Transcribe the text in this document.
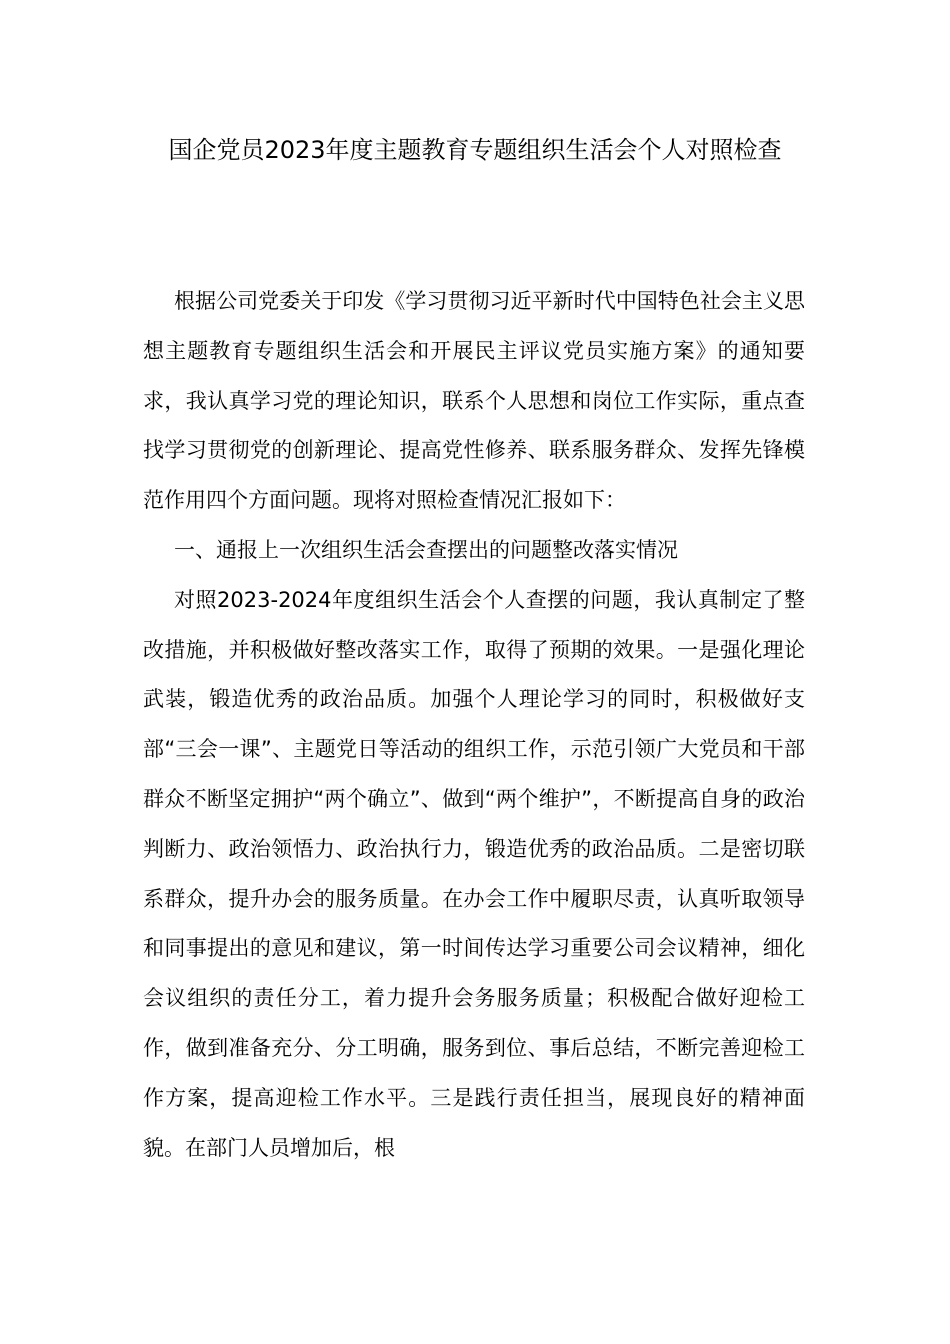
国企党员2023年度主题教育专题组织生活会个人对照检查

根据公司党委关于印发《学习贯彻习近平新时代中国特色社会主义思想主题教育专题组织生活会和开展民主评议党员实施方案》的通知要求，我认真学习党的理论知识，联系个人思想和岗位工作实际，重点查找学习贯彻党的创新理论、提高党性修养、联系服务群众、发挥先锋模范作用四个方面问题。现将对照检查情况汇报如下：

一、通报上一次组织生活会查摆出的问题整改落实情况

对照2023-2024年度组织生活会个人查摆的问题，我认真制定了整改措施，并积极做好整改落实工作，取得了预期的效果。一是强化理论武装，锻造优秀的政治品质。加强个人理论学习的同时，积极做好支部“三会一课”、主题党日等活动的组织工作，示范引领广大党员和干部群众不断坚定拥护“两个确立”、做到“两个维护”，不断提高自身的政治判断力、政治领悟力、政治执行力，锻造优秀的政治品质。二是密切联系群众，提升办会的服务质量。在办会工作中履职尽责，认真听取领导和同事提出的意见和建议，第一时间传达学习重要公司会议精神，细化会议组织的责任分工，着力提升会务服务质量；积极配合做好迎检工作，做到准备充分、分工明确，服务到位、事后总结，不断完善迎检工作方案，提高迎检工作水平。三是践行责任担当，展现良好的精神面貌。在部门人员增加后，根
